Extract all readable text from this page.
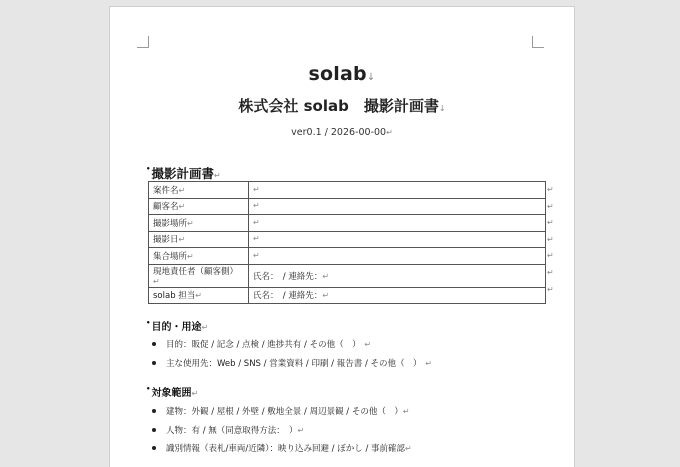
solab↓
株式会社 solab　撮影計画書↓
ver0.1 / 2026-00-00↵
•撮影計画書↵
案件名↵	↵
顧客名↵	↵
撮影場所↵	↵
撮影日↵	↵
集合場所↵	↵
現地責任者（顧客側）↵	氏名：　/ 連絡先：↵
solab 担当↵	氏名：　/ 連絡先：↵
↵
↵
↵
↵
↵
↵
↵
•目的・用途↵
目的：販促 / 記念 / 点検 / 進捗共有 / その他（　）　 ↵
主な使用先：Web / SNS / 営業資料 / 印刷 / 報告書 / その他（　）　 ↵
•対象範囲↵
建物：外観 / 屋根 / 外壁 / 敷地全景 / 周辺景観 / その他（　）↵
人物：有 / 無（同意取得方法：　）↵
識別情報（表札/車両/近隣）：映り込み回避 / ぼかし / 事前確認↵
